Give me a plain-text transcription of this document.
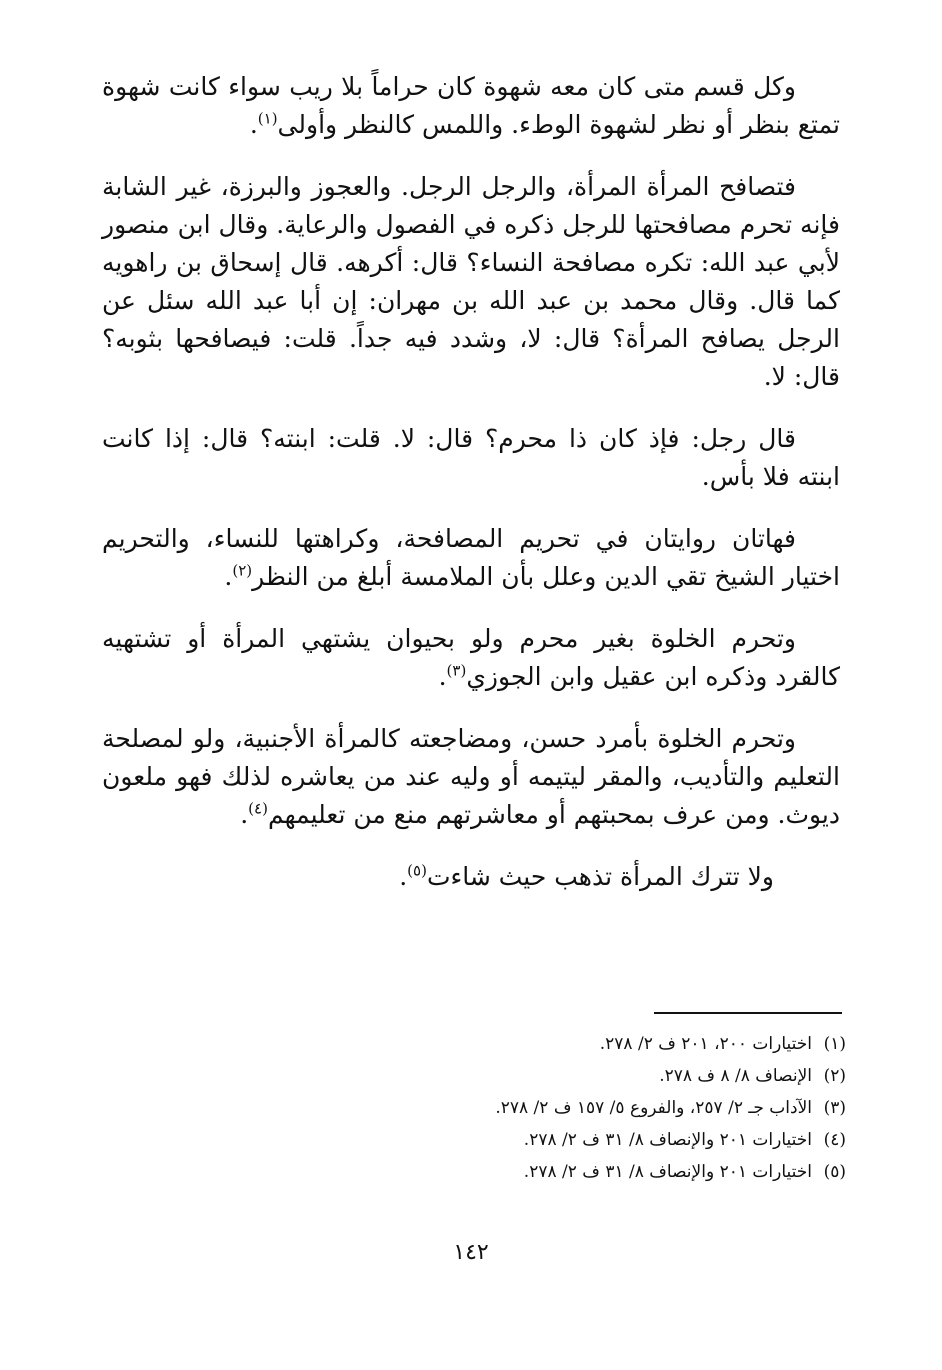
وكل قسم متى كان معه شهوة كان حراماً بلا ريب سواء كانت شهوة تمتع بنظر أو نظر لشهوة الوطء. واللمس كالنظر وأولى$^{(١)}$.

فتصافح المرأة المرأة، والرجل الرجل. والعجوز والبرزة، غير الشابة فإنه تحرم مصافحتها للرجل ذكره في الفصول والرعاية. وقال ابن منصور لأبي عبد الله: تكره مصافحة النساء؟ قال: أكرهه. قال إسحاق بن راهويه كما قال. وقال محمد بن عبد الله بن مهران: إن أبا عبد الله سئل عن الرجل يصافح المرأة؟ قال: لا، وشدد فيه جداً. قلت: فيصافحها بثوبه؟ قال: لا.

قال رجل: فإذ كان ذا محرم؟ قال: لا. قلت: ابنته؟ قال: إذا كانت ابنته فلا بأس.

فهاتان روايتان في تحريم المصافحة، وكراهتها للنساء، والتحريم اختيار الشيخ تقي الدين وعلل بأن الملامسة أبلغ من النظر$^{(٢)}$.

وتحرم الخلوة بغير محرم ولو بحيوان يشتهي المرأة أو تشتهيه كالقرد وذكره ابن عقيل وابن الجوزي$^{(٣)}$.

وتحرم الخلوة بأمرد حسن، ومضاجعته كالمرأة الأجنبية، ولو لمصلحة التعليم والتأديب، والمقر ليتيمه أو وليه عند من يعاشره لذلك فهو ملعون ديوث. ومن عرف بمحبتهم أو معاشرتهم منع من تعليمهم$^{(٤)}$.

ولا تترك المرأة تذهب حيث شاءت$^{(٥)}$.

(١)اختيارات ٢٠٠، ٢٠١ ف ٢/ ٢٧٨.
(٢)الإنصاف ٨/ ٨ ف ٢٧٨.
(٣)الآداب جـ ٢/ ٢٥٧، والفروع ٥/ ١٥٧ ف ٢/ ٢٧٨.
(٤)اختيارات ٢٠١ والإنصاف ٨/ ٣١ ف ٢/ ٢٧٨.
(٥)اختيارات ٢٠١ والإنصاف ٨/ ٣١ ف ٢/ ٢٧٨.
١٤٢
